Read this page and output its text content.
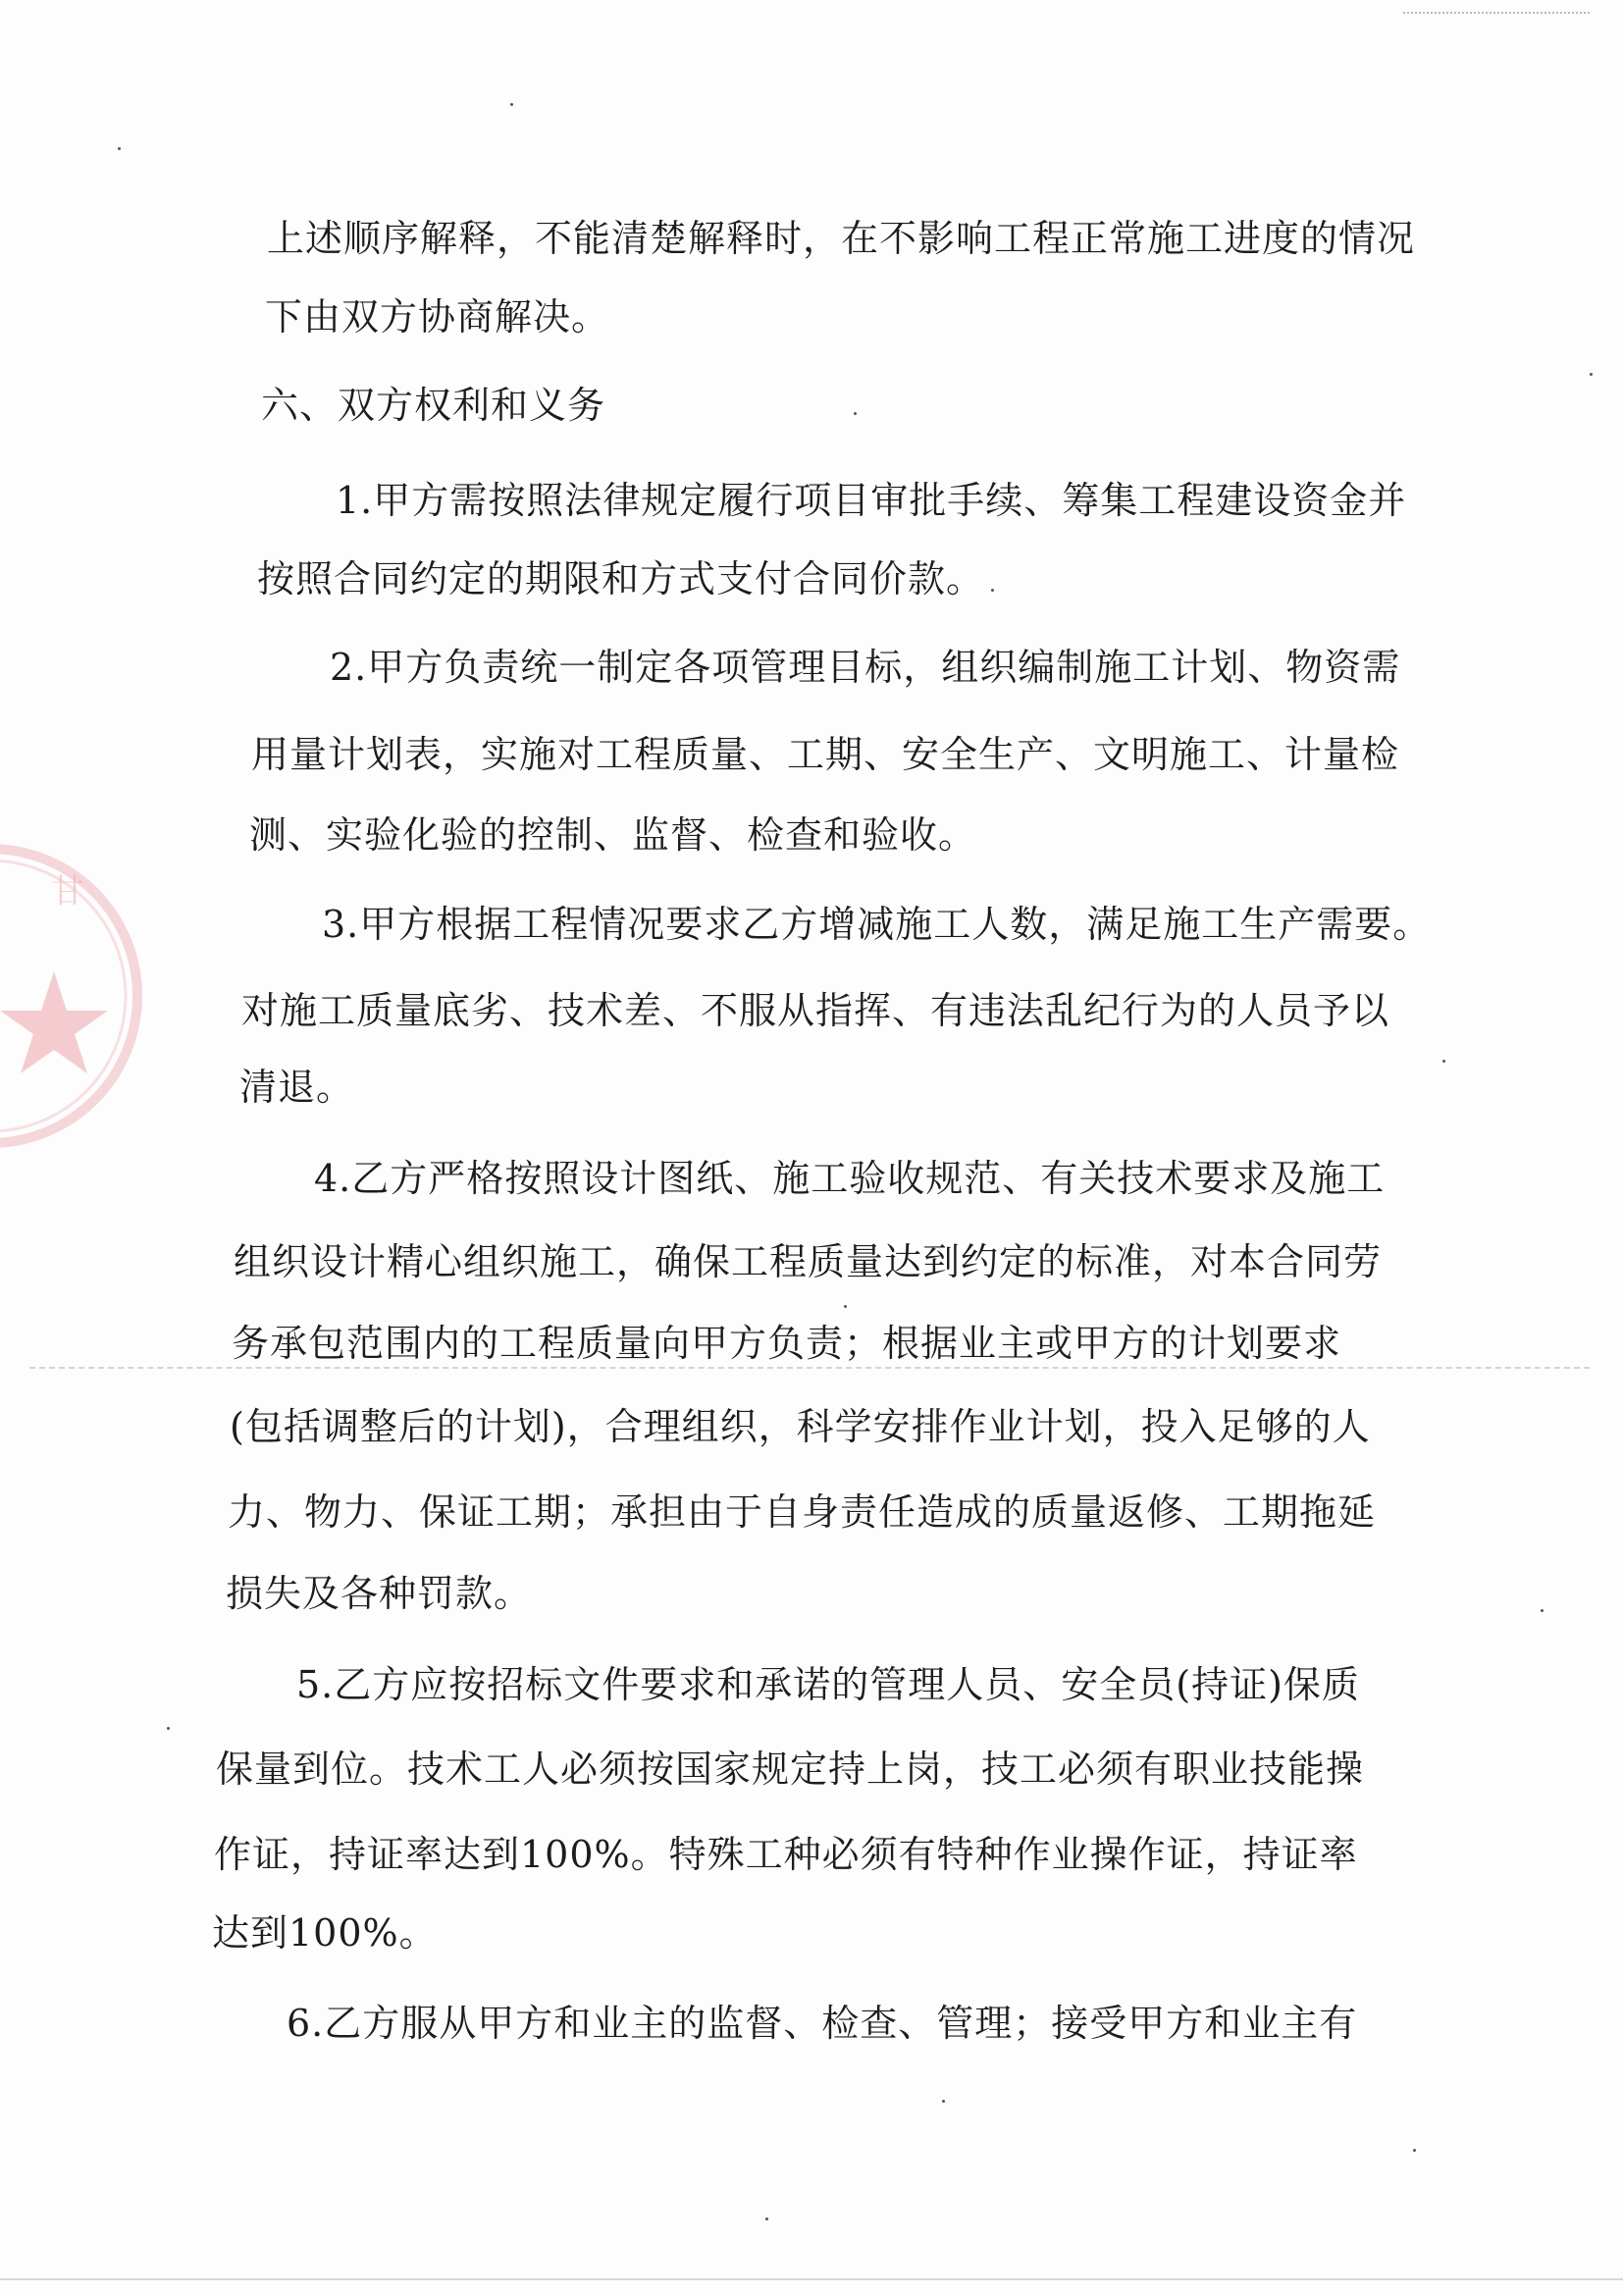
甘
上述顺序解释，不能清楚解释时，在不影响工程正常施工进度的情况
下由双方协商解决。
六、双方权利和义务
1.甲方需按照法律规定履行项目审批手续、筹集工程建设资金并
按照合同约定的期限和方式支付合同价款。
2.甲方负责统一制定各项管理目标，组织编制施工计划、物资需
用量计划表，实施对工程质量、工期、安全生产、文明施工、计量检
测、实验化验的控制、监督、检查和验收。
3.甲方根据工程情况要求乙方增减施工人数，满足施工生产需要。
对施工质量底劣、技术差、不服从指挥、有违法乱纪行为的人员予以
清退。
4.乙方严格按照设计图纸、施工验收规范、有关技术要求及施工
组织设计精心组织施工，确保工程质量达到约定的标准，对本合同劳
务承包范围内的工程质量向甲方负责；根据业主或甲方的计划要求
(包括调整后的计划)，合理组织，科学安排作业计划，投入足够的人
力、物力、保证工期；承担由于自身责任造成的质量返修、工期拖延
损失及各种罚款。
5.乙方应按招标文件要求和承诺的管理人员、安全员(持证)保质
保量到位。技术工人必须按国家规定持上岗，技工必须有职业技能操
作证，持证率达到100%。特殊工种必须有特种作业操作证，持证率
达到100%。
6.乙方服从甲方和业主的监督、检查、管理；接受甲方和业主有
